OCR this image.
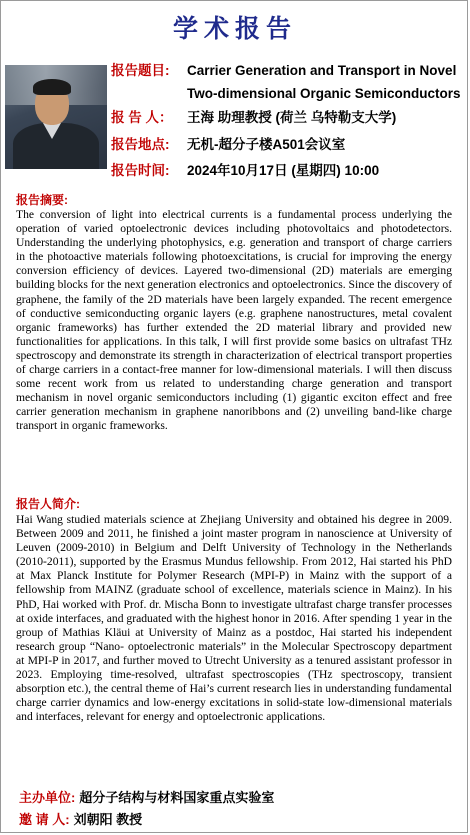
学术报告
报告题目: Carrier Generation and Transport in Novel
Two-dimensional Organic Semiconductors
报 告 人： 王海 助理教授 (荷兰 乌特勒支大学)
报告地点: 无机-超分子楼A501会议室
报告时间: 2024年10月17日 (星期四) 10:00
报告摘要:

The conversion of light into electrical currents is a fundamental process underlying the operation of varied optoelectronic devices including photovoltaics and photodetectors. Understanding the underlying photophysics, e.g. generation and transport of charge carriers in the photoactive materials following photoexcitations, is crucial for improving the energy conversion efficiency of devices. Layered two-dimensional (2D) materials are emerging building blocks for the next generation electronics and optoelectronics. Since the discovery of graphene, the family of the 2D materials have been largely expanded. The recent emergence of conductive semiconducting organic layers (e.g. graphene nanostructures, metal covalent organic frameworks) has further extended the 2D material library and provided new functionalities for applications. In this talk, I will first provide some basics on ultrafast THz spectroscopy and demonstrate its strength in characterization of electrical transport properties of charge carriers in a contact-free manner for low-dimensional materials. I will then discuss some recent work from us related to understanding charge generation and transport mechanism in novel organic semiconductors including (1) gigantic exciton effect and free carrier generation mechanism in graphene nanoribbons and (2) unveiling band-like charge transport in organic frameworks.

报告人简介:

Hai Wang studied materials science at Zhejiang University and obtained his degree in 2009. Between 2009 and 2011, he finished a joint master program in nanoscience at University of Leuven (2009-2010) in Belgium and Delft University of Technology in the Netherlands (2010-2011), supported by the Erasmus Mundus fellowship. From 2012, Hai started his PhD at Max Planck Institute for Polymer Research (MPI-P) in Mainz with the support of a fellowship from MAINZ (graduate school of excellence, materials science in Mainz). In his PhD, Hai worked with Prof. dr. Mischa Bonn to investigate ultrafast charge transfer processes at oxide interfaces, and graduated with the highest honor in 2016. After spending 1 year in the group of Mathias Kläui at University of Mainz as a postdoc, Hai started his independent research group “Nano- optoelectronic materials” in the Molecular Spectroscopy department at MPI-P in 2017, and further moved to Utrecht University as a tenured assistant professor in 2023. Employing time-resolved, ultrafast spectroscopies (THz spectroscopy, transient absorption etc.), the central theme of Hai’s current research lies in understanding fundamental charge carrier dynamics and low-energy excitations in solid-state low-dimensional materials and interfaces, relevant for energy and optoelectronic applications.

主办单位: 超分子结构与材料国家重点实验室
邀 请 人: 刘朝阳 教授
